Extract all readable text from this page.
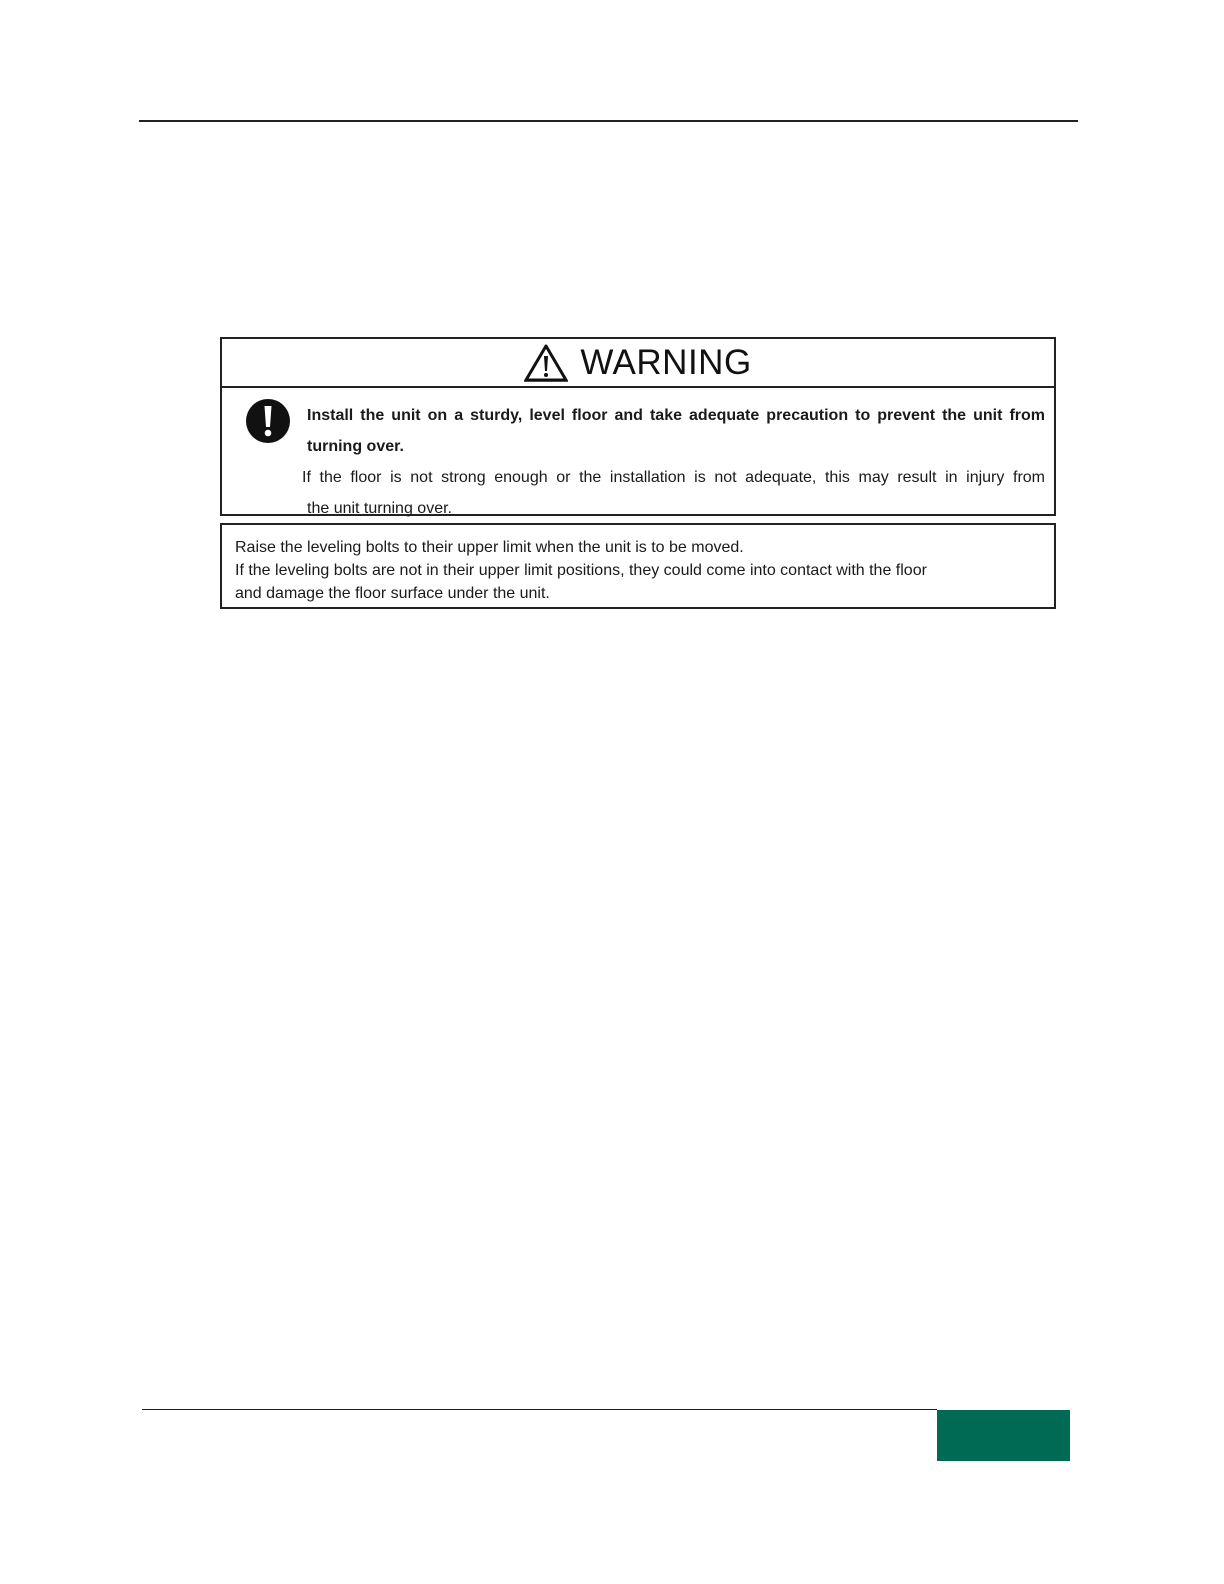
WARNING
Install the unit on a sturdy, level floor and take adequate precaution to prevent the unit from turning over.
If the floor is not strong enough or the installation is not adequate, this may result in injury from
the unit turning over.
Raise the leveling bolts to their upper limit when the unit is to be moved.
If the leveling bolts are not in their upper limit positions, they could come into contact with the floor
and damage the floor surface under the unit.
